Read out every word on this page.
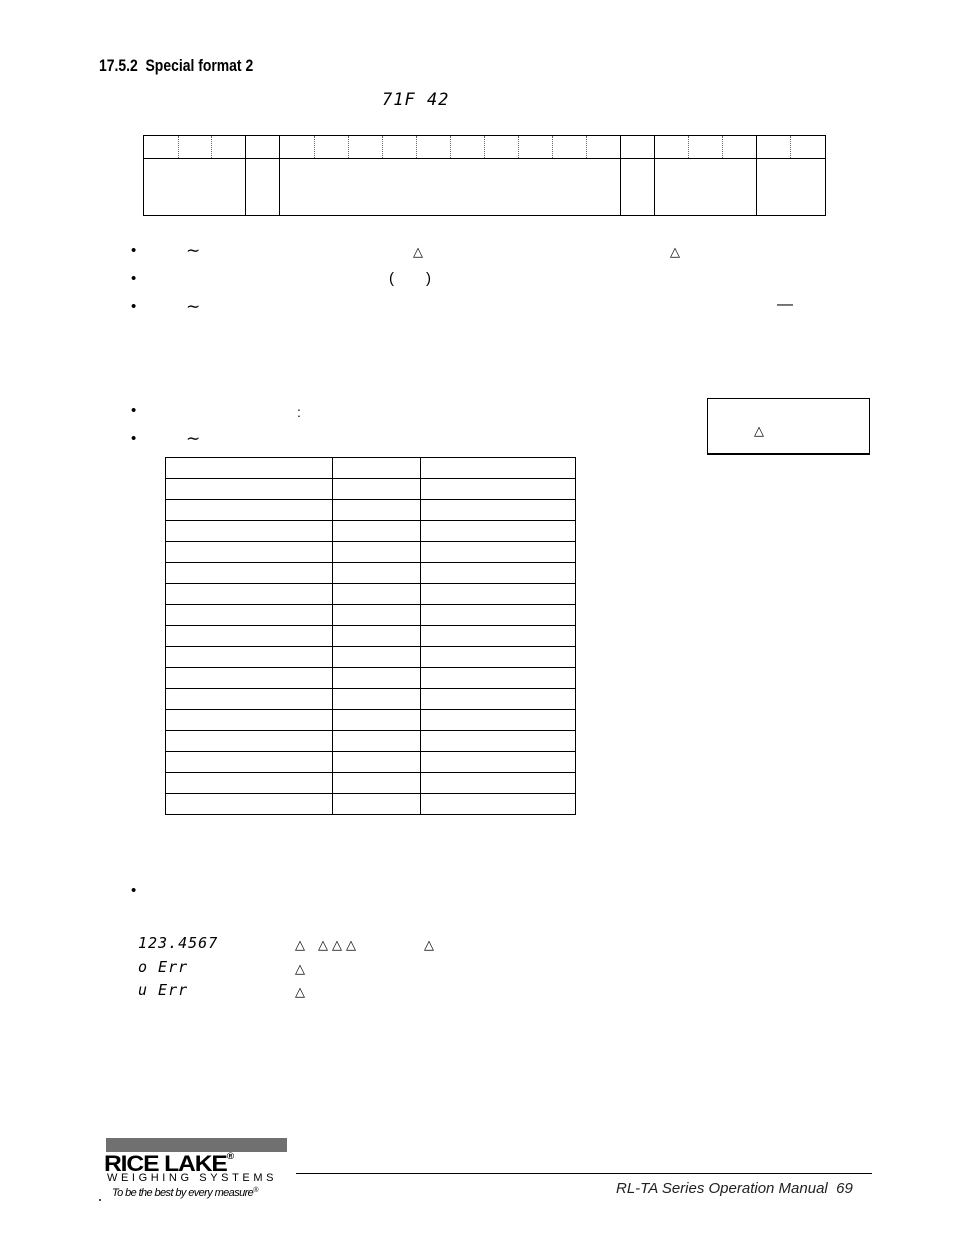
17.5.2 Special format 2
71F 42
•	∼	△	△
•	( )
•	∼	—
•	:
•	∼	△

•
123.4567	△ △ △ △	△
o Err	△
u Err	△
RICE LAKE®
WEIGHING SYSTEMS
To be the best by every measure®	RL-TA Series Operation Manual 69
